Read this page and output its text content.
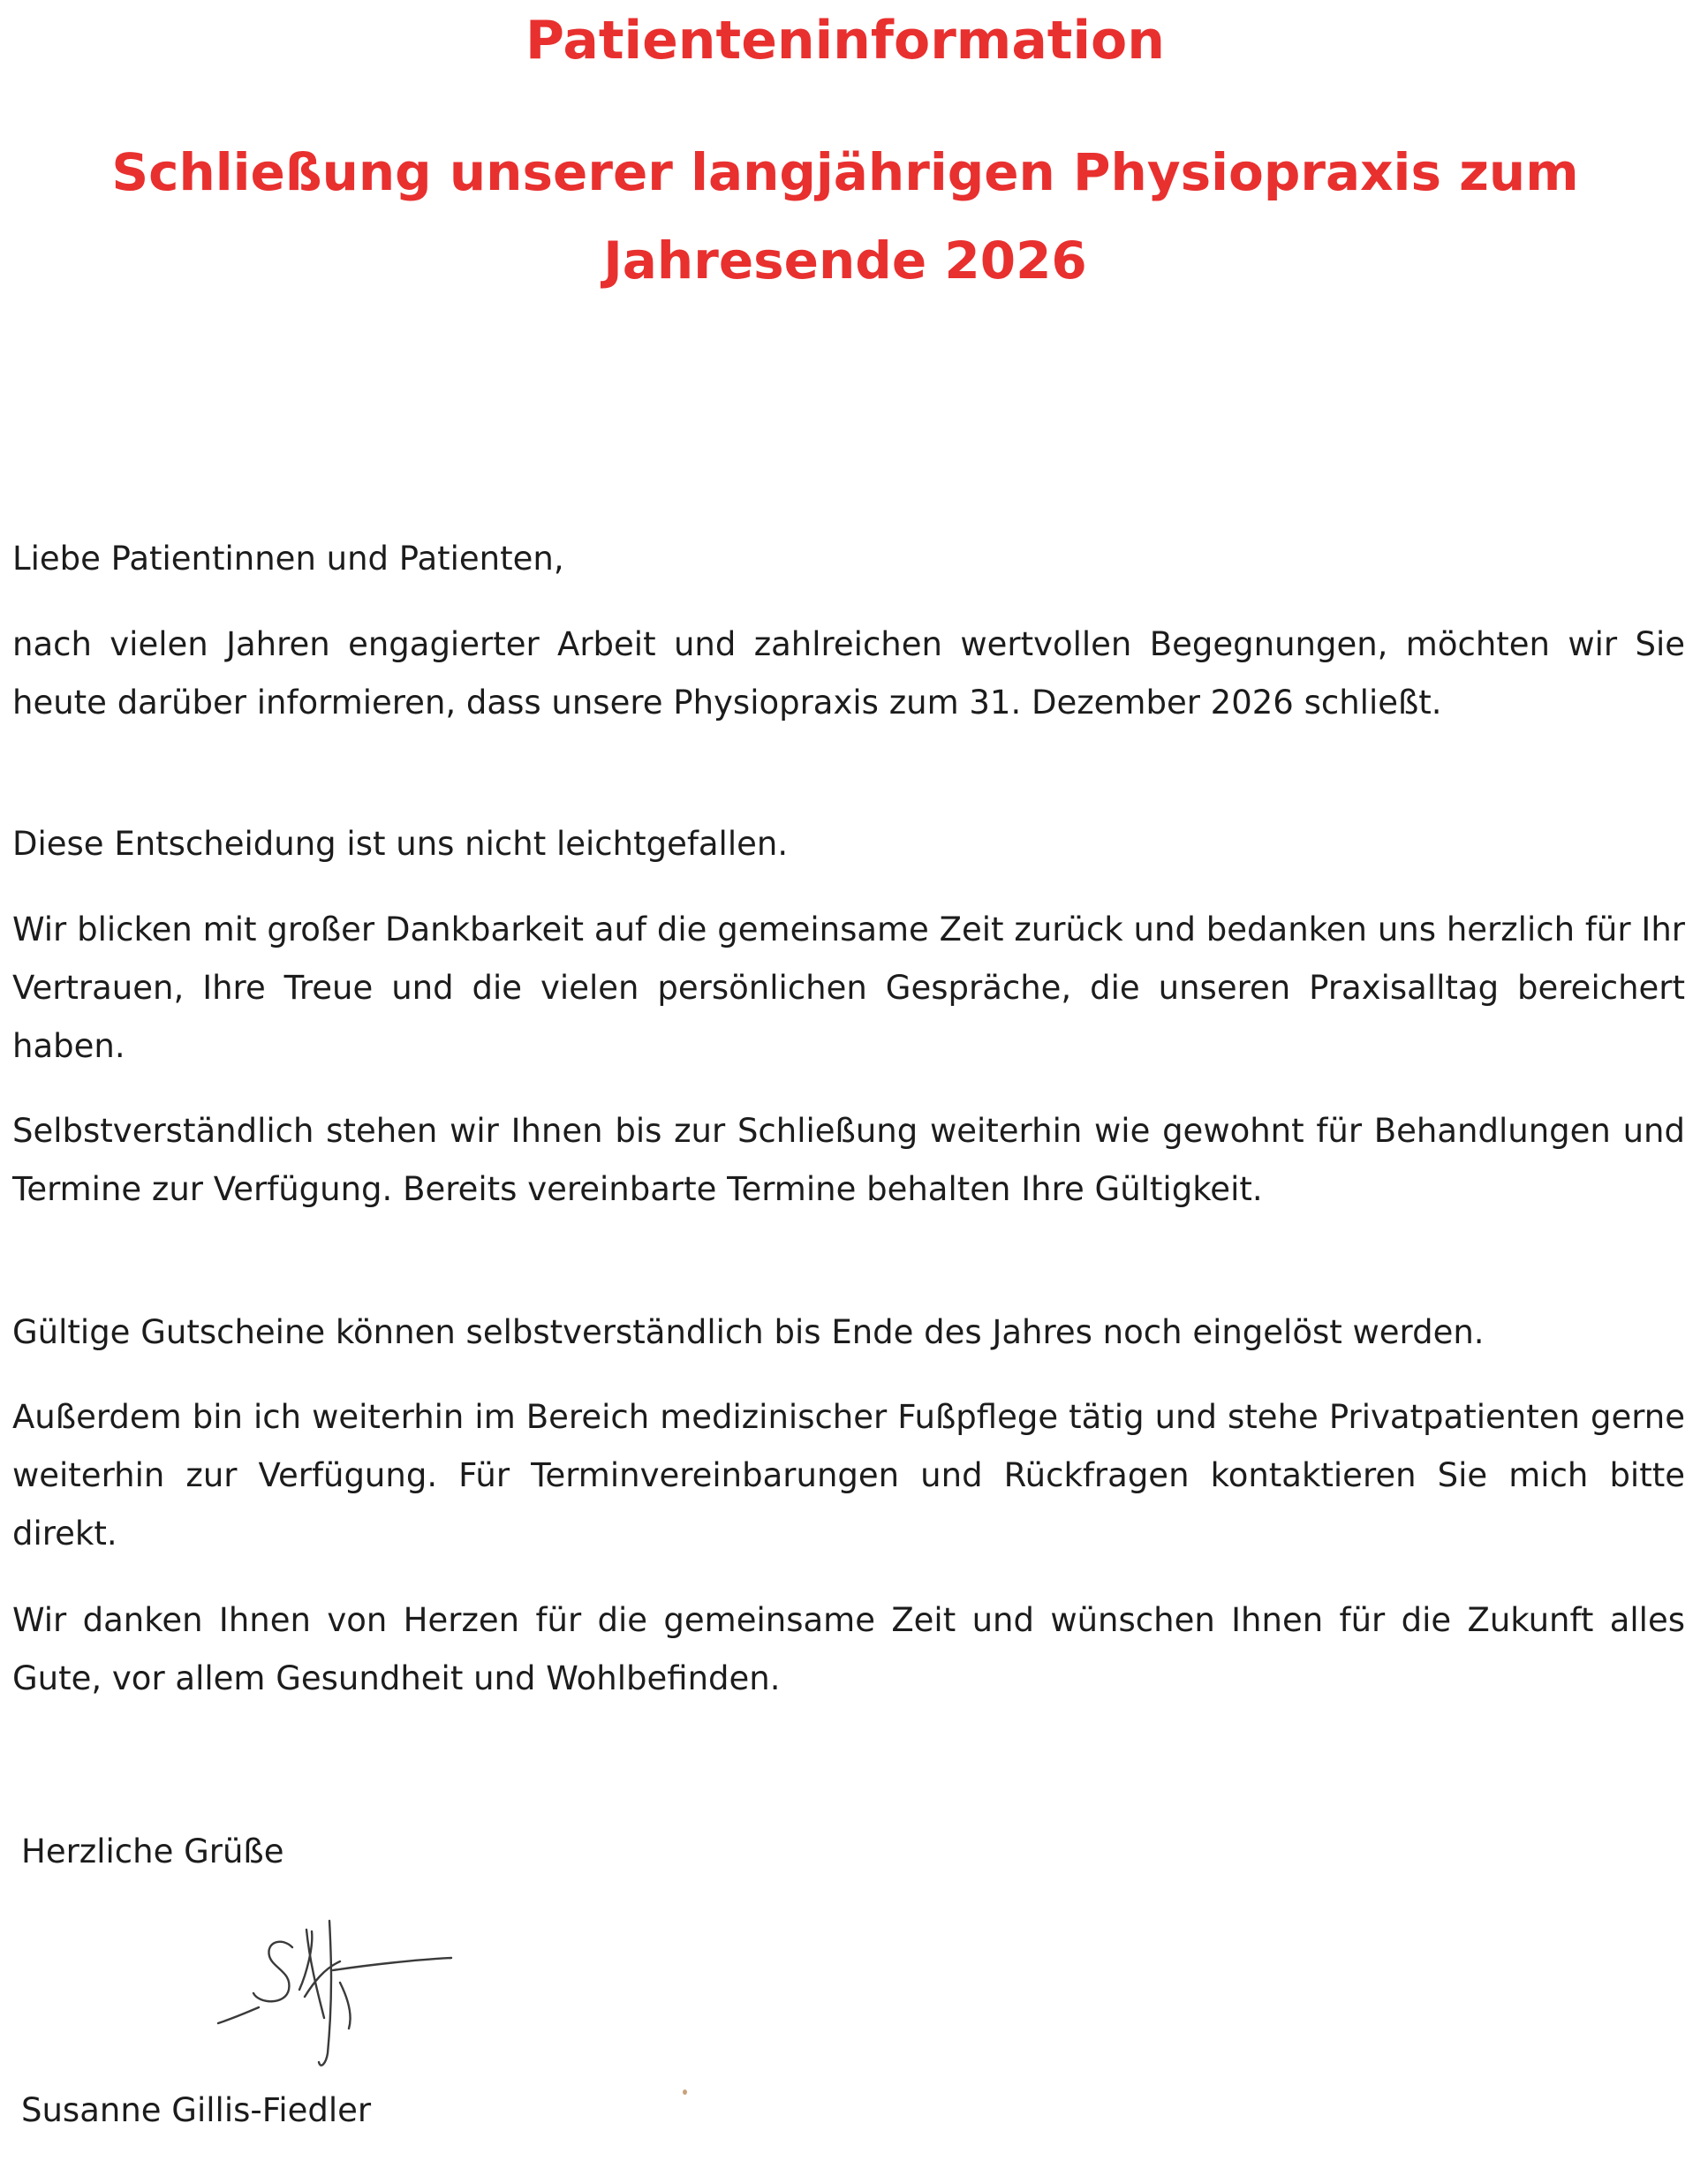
Patienteninformation
Schließung unserer langjährigen Physiopraxis zum Jahresende 2026

Liebe Patientinnen und Patienten,

nach vielen Jahren engagierter Arbeit und zahlreichen wertvollen Begegnungen, möchten wir Sie heute darüber informieren, dass unsere Physiopraxis zum 31. Dezember 2026 schließt.

Diese Entscheidung ist uns nicht leichtgefallen.

Wir blicken mit großer Dankbarkeit auf die gemeinsame Zeit zurück und bedanken uns herzlich für Ihr Vertrauen, Ihre Treue und die vielen persönlichen Gespräche, die unseren Praxisalltag bereichert haben.

Selbstverständlich stehen wir Ihnen bis zur Schließung weiterhin wie gewohnt für Behandlungen und Termine zur Verfügung. Bereits vereinbarte Termine behalten Ihre Gültigkeit.

Gültige Gutscheine können selbstverständlich bis Ende des Jahres noch eingelöst werden.

Außerdem bin ich weiterhin im Bereich medizinischer Fußpflege tätig und stehe Privatpatienten gerne weiterhin zur Verfügung. Für Terminvereinbarungen und Rückfragen kontaktieren Sie mich bitte direkt.

Wir danken Ihnen von Herzen für die gemeinsame Zeit und wünschen Ihnen für die Zukunft alles Gute, vor allem Gesundheit und Wohlbefinden.

Herzliche Grüße

Susanne Gillis-Fiedler
